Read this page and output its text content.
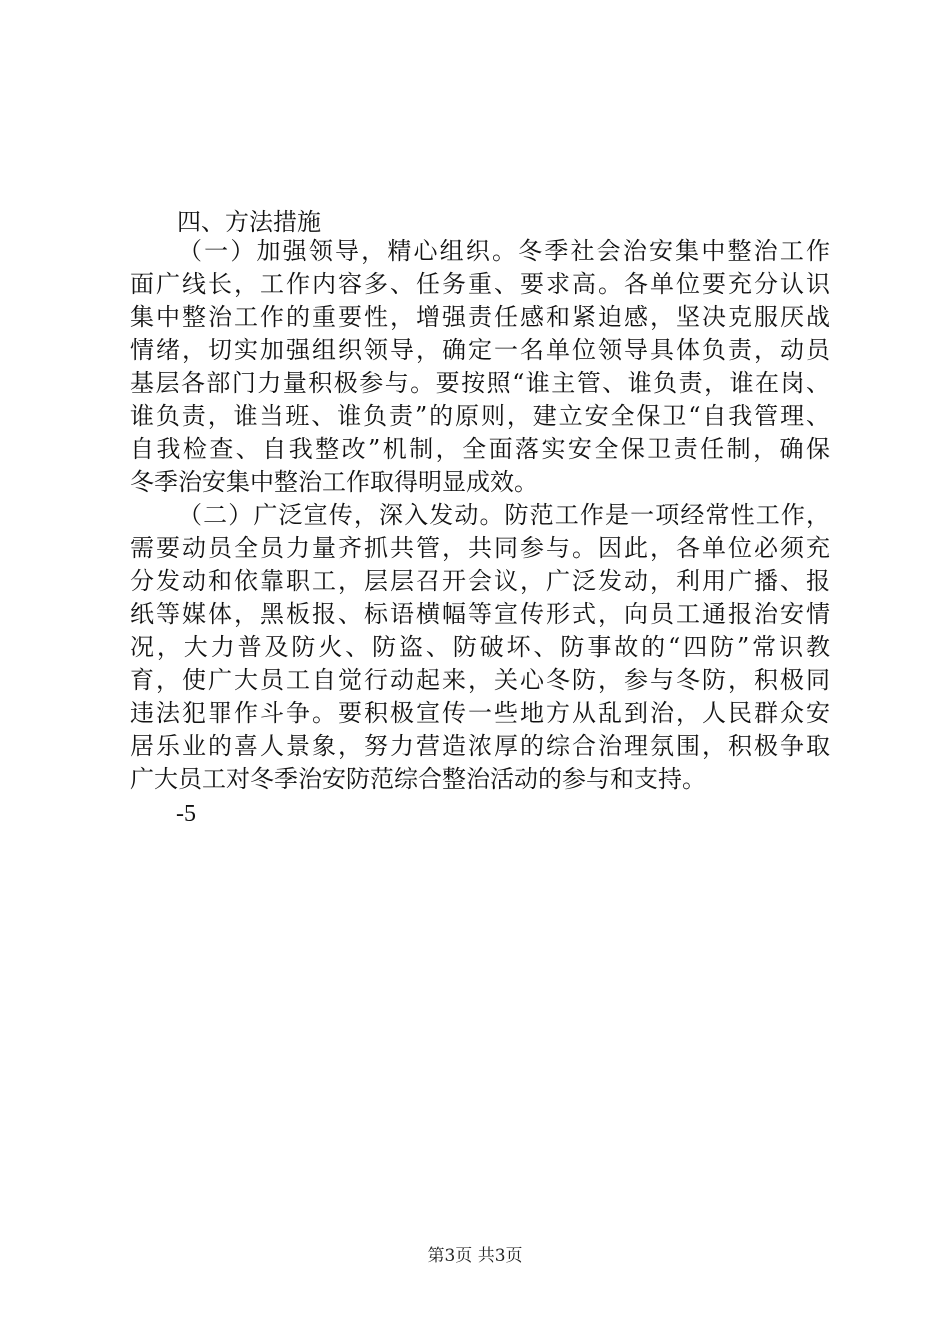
四、方法措施
（一）加强领导，精心组织。冬季社会治安集中整治工作
面广线长，工作内容多、任务重、要求高。各单位要充分认识
集中整治工作的重要性，增强责任感和紧迫感，坚决克服厌战
情绪，切实加强组织领导，确定一名单位领导具体负责，动员
基层各部门力量积极参与。要按照“谁主管、谁负责，谁在岗、
谁负责，谁当班、谁负责”的原则，建立安全保卫“自我管理、
自我检查、自我整改”机制，全面落实安全保卫责任制，确保
冬季治安集中整治工作取得明显成效。
（二）广泛宣传，深入发动。防范工作是一项经常性工作，
需要动员全员力量齐抓共管，共同参与。因此，各单位必须充
分发动和依靠职工，层层召开会议，广泛发动，利用广播、报
纸等媒体，黑板报、标语横幅等宣传形式，向员工通报治安情
况，大力普及防火、防盗、防破坏、防事故的“四防”常识教
育，使广大员工自觉行动起来，关心冬防，参与冬防，积极同
违法犯罪作斗争。要积极宣传一些地方从乱到治，人民群众安
居乐业的喜人景象，努力营造浓厚的综合治理氛围，积极争取
广大员工对冬季治安防范综合整治活动的参与和支持。
-5
第3页 共3页
